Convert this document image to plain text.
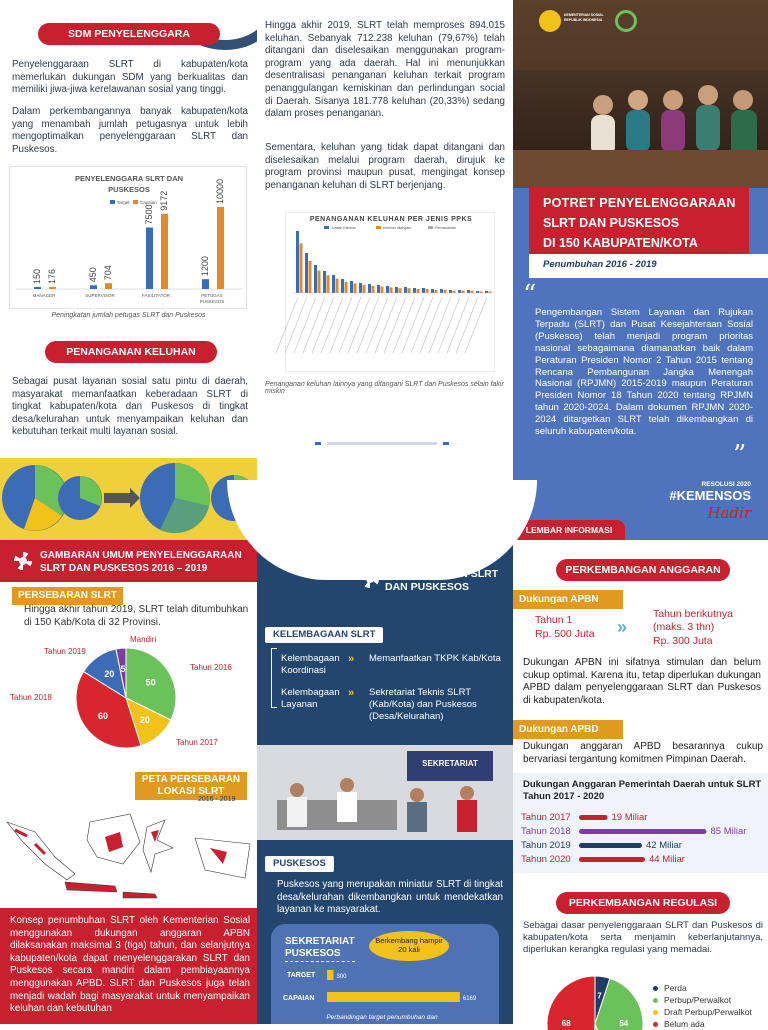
SDM PENYELENGGARA

Penyelenggaraan SLRT di kabupaten/kota memerlukan dukungan SDM yang berkualitas dan memiliki jiwa-jiwa kerelawanan sosial yang tinggi.

Dalam perkembangannya banyak kabupaten/kota yang menambah jumlah petugasnya untuk lebih mengoptimalkan penyelenggaraan SLRT dan Puskesos.

PENYELENGGARA SLRT DAN
PUSKESOS
Target Capaian
150 176
MANAGER
450 704
SUPERVISOR
7500
9172
FASILITATOR
1200
10000
PETUGAS
PUSKESOS

Peningkatan jumlah petugas SLRT dan Puskesos

PENANGANAN KELUHAN

Sebagai pusat layanan sosial satu pintu di daerah, masyarakat memanfaatkan keberadaan SLRT di tingkat kabupaten/kota dan Puskesos di tingkat desa/kelurahan untuk menyampaikan keluhan dan kebutuhan terkait multi layanan sosial.

Hingga akhir 2019, SLRT telah memproses 894.015 keluhan. Sebanyak 712.238 keluhan (79,67%) telah ditangani dan diselesaikan menggunakan program-program yang ada daerah. Hal ini menunjukkan desentralisasi penanganan keluhan terkait program penanggulangan kemiskinan dan perlindungan social di Daerah. Sisanya 181.778 keluhan (20,33%) sedang dalam proses penanganan.

Sementara, keluhan yang tidak dapat ditangani dan diselesaikan melalui program daerah, dirujuk ke program provinsi maupun pusat, mengingat konsep penanganan keluhan di SLRT berjenjang.

PENANGANAN KELUHAN PER JENIS PPKS
Jumlah Keluhan	Keluhan ditangani	Permasalaha

Penanganan keluhan lainnya yang ditangani SLRT dan Puskesos selain fakir miskin

KEMENTERIAN SOSIAL REPUBLIK INDONESIA
POTRET PENYELENGGARAAN
SLRT DAN PUSKESOS
DI 150 KABUPATEN/KOTA
Penumbuhan 2016 - 2019
“

Pengembangan Sistem Layanan dan Rujukan Terpadu (SLRT) dan Pusat Kesejahteraan Sosial (Puskesos) telah menjadi program prioritas nasional sebagaimana diamanatkan baik dalam Peraturan Presiden Nomor 2 Tahun 2015 tentang Rencana Pembangunan Jangka Menengah Nasional (RPJMN) 2015-2019 maupun Peraturan Presiden Nomor 18 Tahun 2020 tentang RPJMN tahun 2020-2024. Dalam dokumen RPJMN 2020-2024 ditargetkan SLRT telah dikembangkan di seluruh kabupaten/kota.

”
RESOLUSI 2020
#KEMENSOS
Hadir
LEMBAR INFORMASI
GAMBARAN UMUM PENYELENGGARAAN
SLRT DAN PUSKESOS 2016 – 2019
PERSEBARAN SLRT

Hingga akhir tahun 2019, SLRT telah ditumbuhkan di 150 Kab/Kota di 32 Provinsi.

50
20
60
20
5	Tahun 2016
Tahun 2017
Tahun 2018
Tahun 2019
Mandiri
PETA PERSEBARAN
LOKASI SLRT
2016 - 2019

Konsep penumbuhan SLRT oleh Kementerian Sosial menggunakan dukungan anggaran APBN dilaksanakan maksimal 3 (tiga) tahun, dan selanjutnya kabupaten/kota dapat menyelenggarakan SLRT dan Puskesos secara mandiri dalam pembiayaannya menggunakan APBD. SLRT dan Puskesos juga telah menjadi wadah bagi masyarakat untuk menyampaikan keluhan dan kebutuhan

KELEMBAGAAN SLRT
DAN PUSKESOS
KELEMBAGAAN SLRT
Kelembagaan Koordinasi
» Memanfaatkan TKPK Kab/Kota
Kelembagaan Layanan
» Sekretariat Teknis SLRT (Kab/Kota) dan Puskesos (Desa/Kelurahan)
SEKRETARIAT
PUSKESOS

Puskesos yang merupakan miniatur SLRT di tingkat desa/kelurahan dikembangkan untuk mendekatkan layanan ke masyarakat.

SEKRETARIAT
PUSKESOS
Berkembang hampir 20 kali
TARGET
CAPAIAN
300
6169

Perbandingan target penumbuhan dan

PERKEMBANGAN ANGGARAN
Dukungan APBN
Tahun 1
Rp. 500 Juta »
Tahun berikutnya (maks. 3 thn)
Rp. 300 Juta

Dukungan APBN ini sifatnya stimulan dan belum cukup optimal. Karena itu, tetap diperlukan dukungan APBD dalam penyelenggaraan SLRT dan Puskesos di kabupaten/kota.

Dukungan APBD

Dukungan anggaran APBD besarannya cukup bervariasi tergantung komitmen Pimpinan Daerah.

Dukungan Anggaran Pemerintah Daerah untuk SLRT Tahun 2017 - 2020
Tahun 2017	19 Miliar
Tahun 2018	85 Miliar
Tahun 2019	42 Miliar
Tahun 2020	44 Miliar
PERKEMBANGAN REGULASI

Sebagai dasar penyelenggaraan SLRT dan Puskesos di kabupaten/kota serta menjamin keberlanjutannya, diperlukan kerangka regulasi yang memadai.

7
54
68
Perda
Perbup/Perwalkot
Draft Perbup/Perwalkot
Belum ada
